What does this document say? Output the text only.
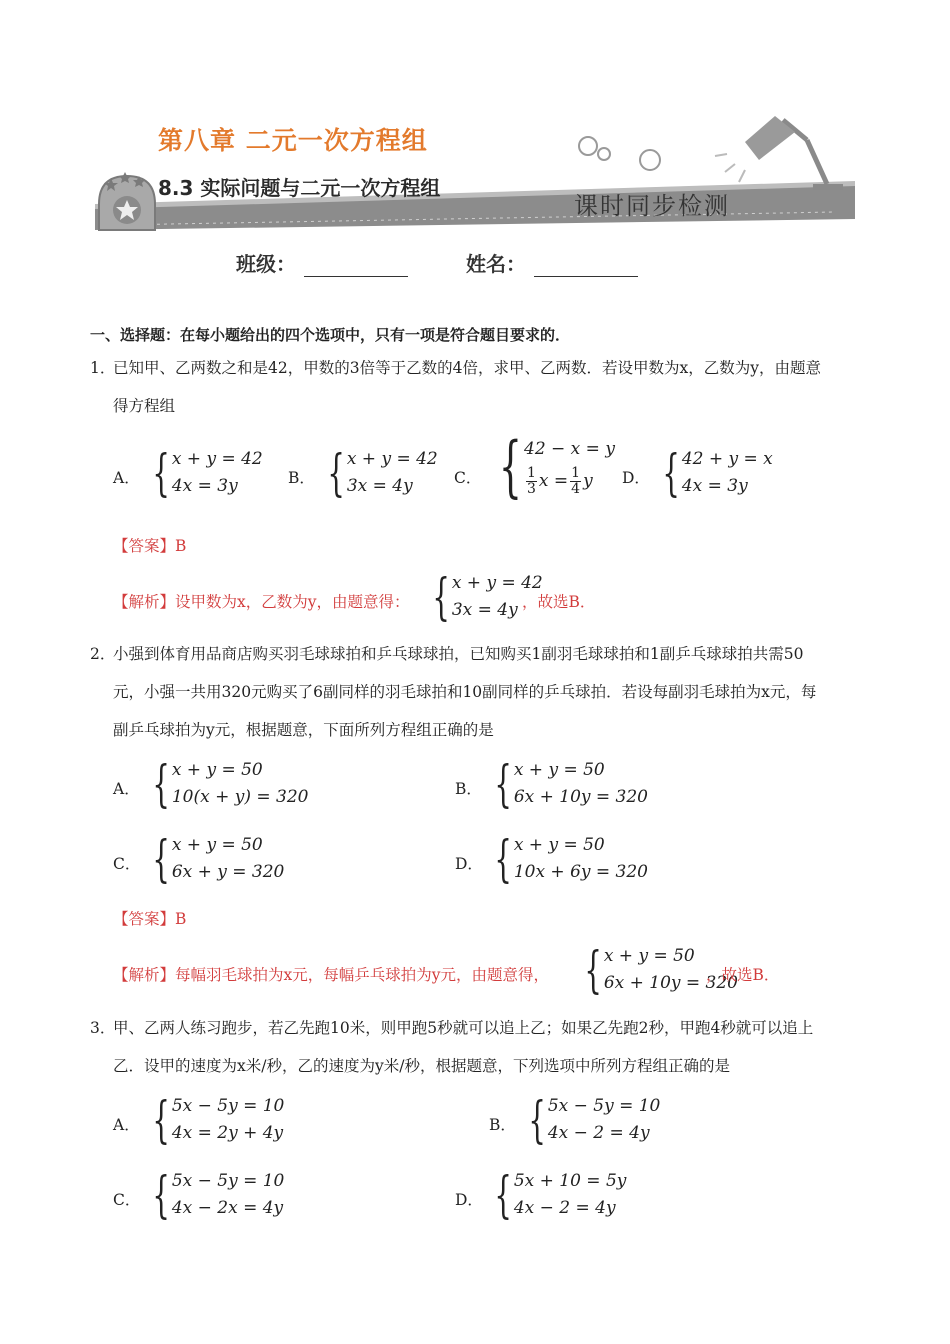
第八章 二元一次方程组
8.3 实际问题与二元一次方程组
课时同步检测
班级：	姓名：
一、选择题：在每小题给出的四个选项中，只有一项是符合题目要求的．
1．
已知甲、乙两数之和是42，甲数的3倍等于乙数的4倍，求甲、乙两数．若设甲数为x，乙数为y，由题意
得方程组
A． { x + y = 42
4x = 3y	B． { x + y = 42
3x = 4y	C． { 42 − x = y
$\frac{1}{3}$ $x = \frac{1}{4}$ y	D． { 42 + y = x
4x = 3y
【答案】B
【解析】设甲数为x，乙数为y，由题意得： { x + y = 42
3x = 4y ，故选B．
2．
小强到体育用品商店购买羽毛球球拍和乒乓球球拍，已知购买1副羽毛球球拍和1副乒乓球球拍共需50
元，小强一共用320元购买了6副同样的羽毛球拍和10副同样的乒乓球拍．若设每副羽毛球拍为x元，每
副乒乓球拍为y元，根据题意，下面所列方程组正确的是
A． { x + y = 50
10(x + y) = 320	B． { x + y = 50
6x + 10y = 320
C． { x + y = 50
6x + y = 320	D． { x + y = 50
10x + 6y = 320
【答案】B
【解析】每幅羽毛球拍为x元，每幅乒乓球拍为y元，由题意得， { x + y = 50
6x + 10y = 320
，故选B．
3．
甲、乙两人练习跑步，若乙先跑10米，则甲跑5秒就可以追上乙；如果乙先跑2秒，甲跑4秒就可以追上
乙．设甲的速度为x米/秒，乙的速度为y米/秒，根据题意，下列选项中所列方程组正确的是
A． { 5x − 5y = 10
4x = 2y + 4y	B． { 5x − 5y = 10
4x − 2 = 4y
C． { 5x − 5y = 10
4x − 2x = 4y	D． { 5x + 10 = 5y
4x − 2 = 4y
